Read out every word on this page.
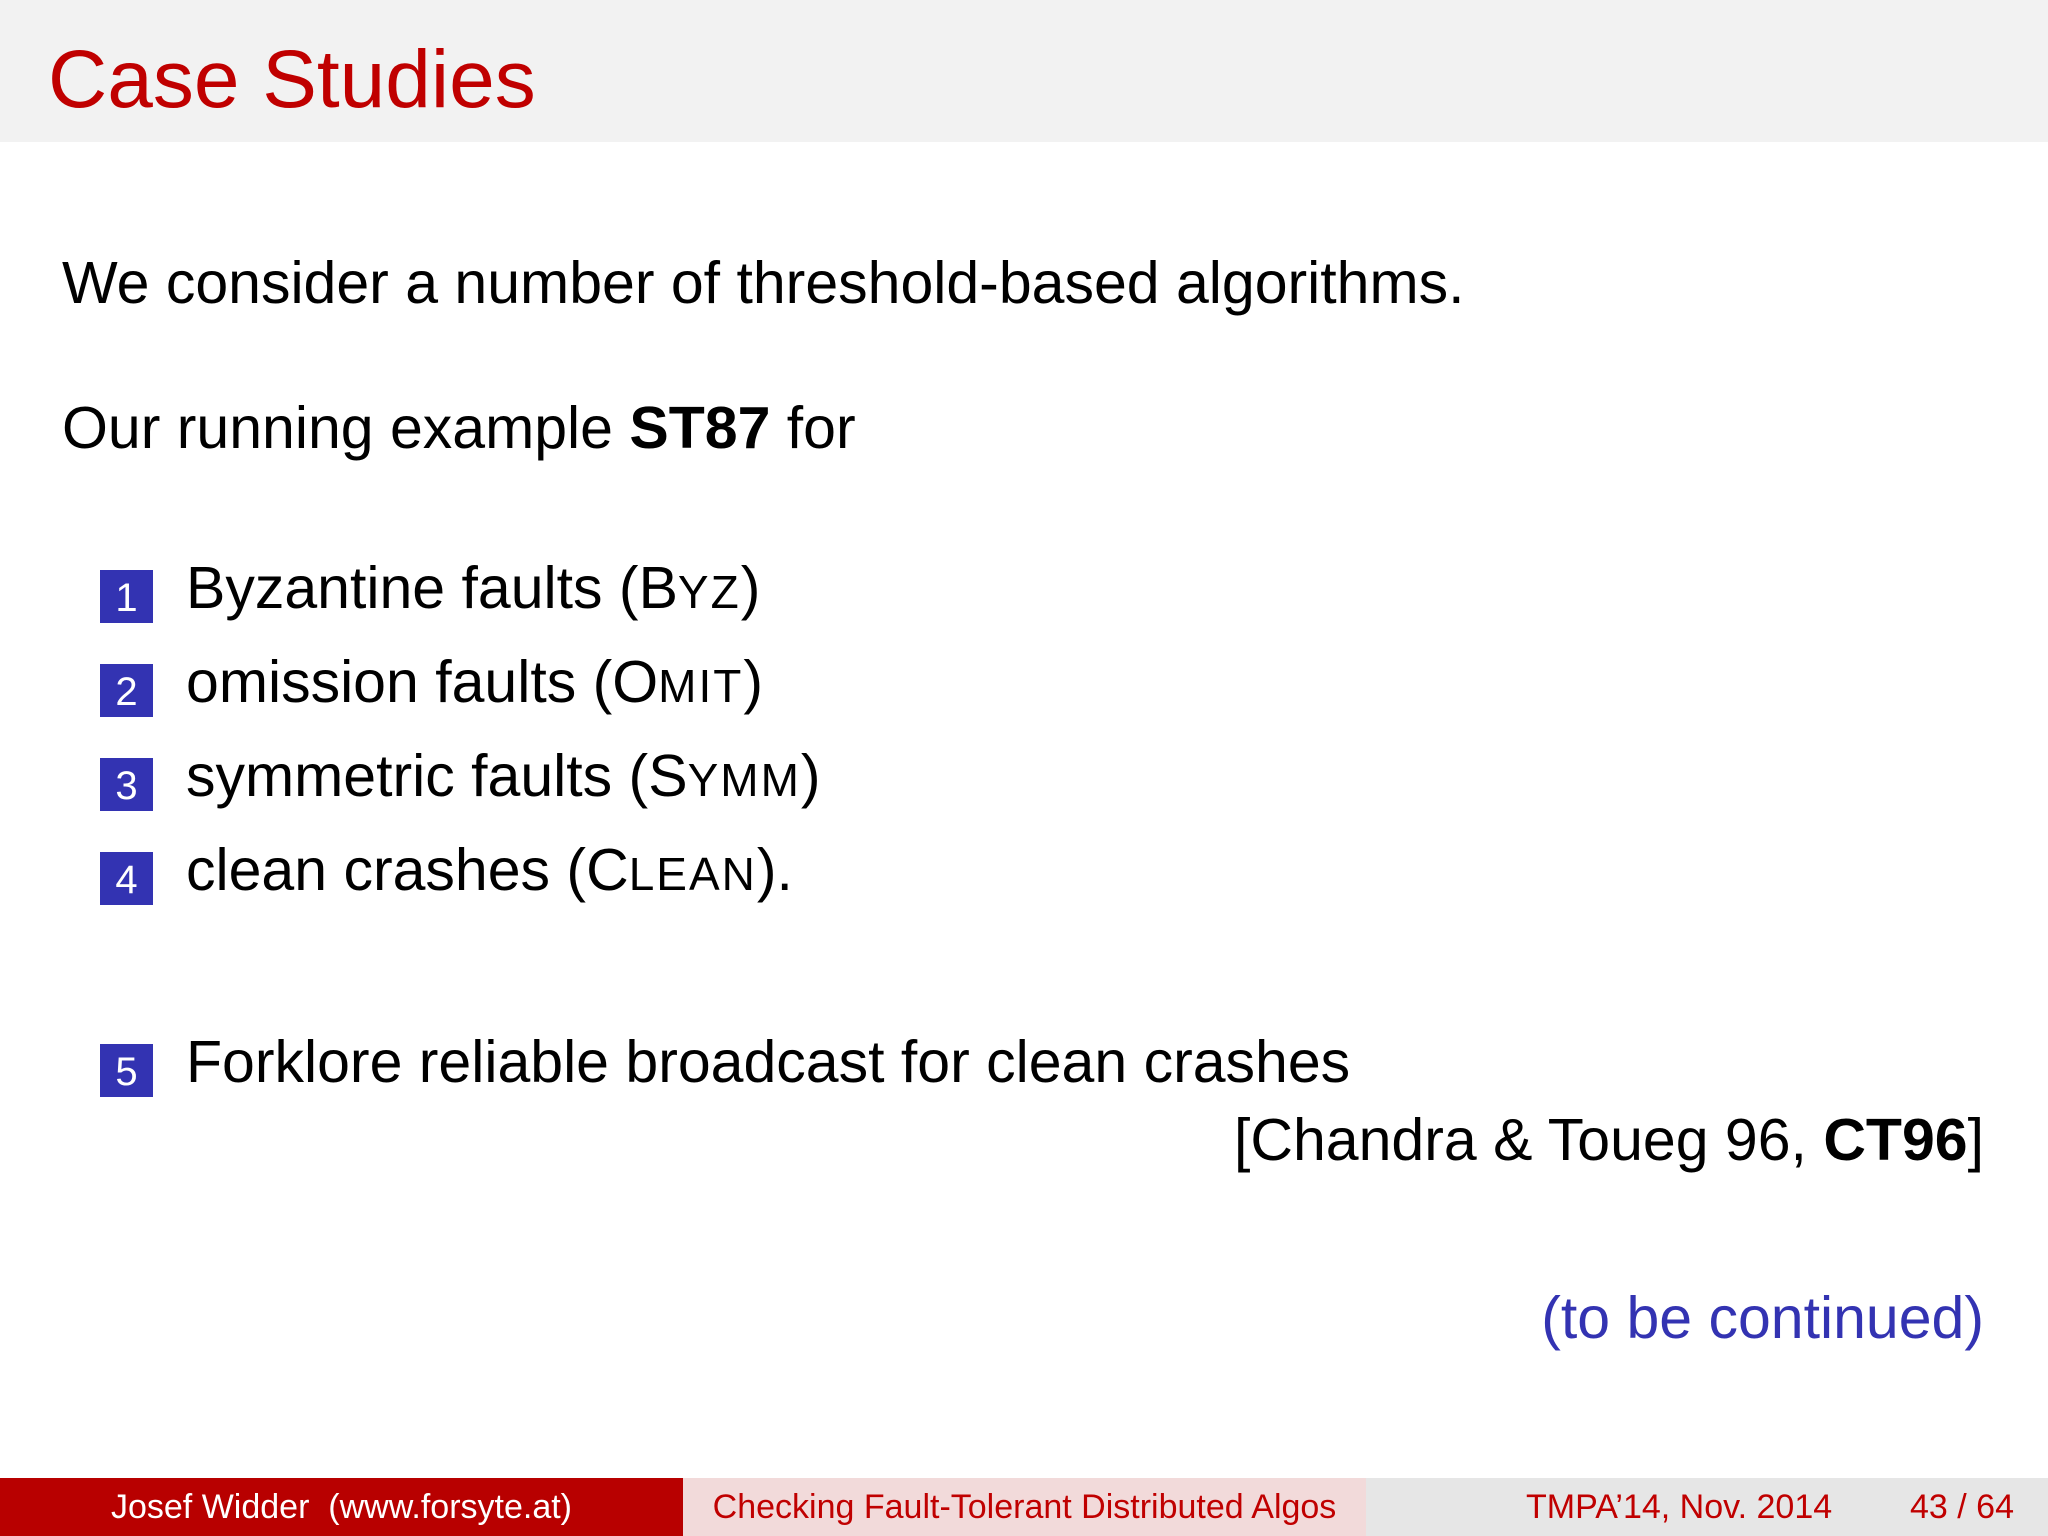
Case Studies
We consider a number of threshold-based algorithms.
Our running example ST87 for
1 Byzantine faults (BYZ)
2 omission faults (OMIT)
3 symmetric faults (SYMM)
4 clean crashes (CLEAN).
5 Forklore reliable broadcast for clean crashes
[Chandra & Toueg 96, CT96]
(to be continued)
Josef Widder  (www.forsyte.at)	Checking Fault-Tolerant Distributed Algos	TMPA’14, Nov. 2014 43 / 64
